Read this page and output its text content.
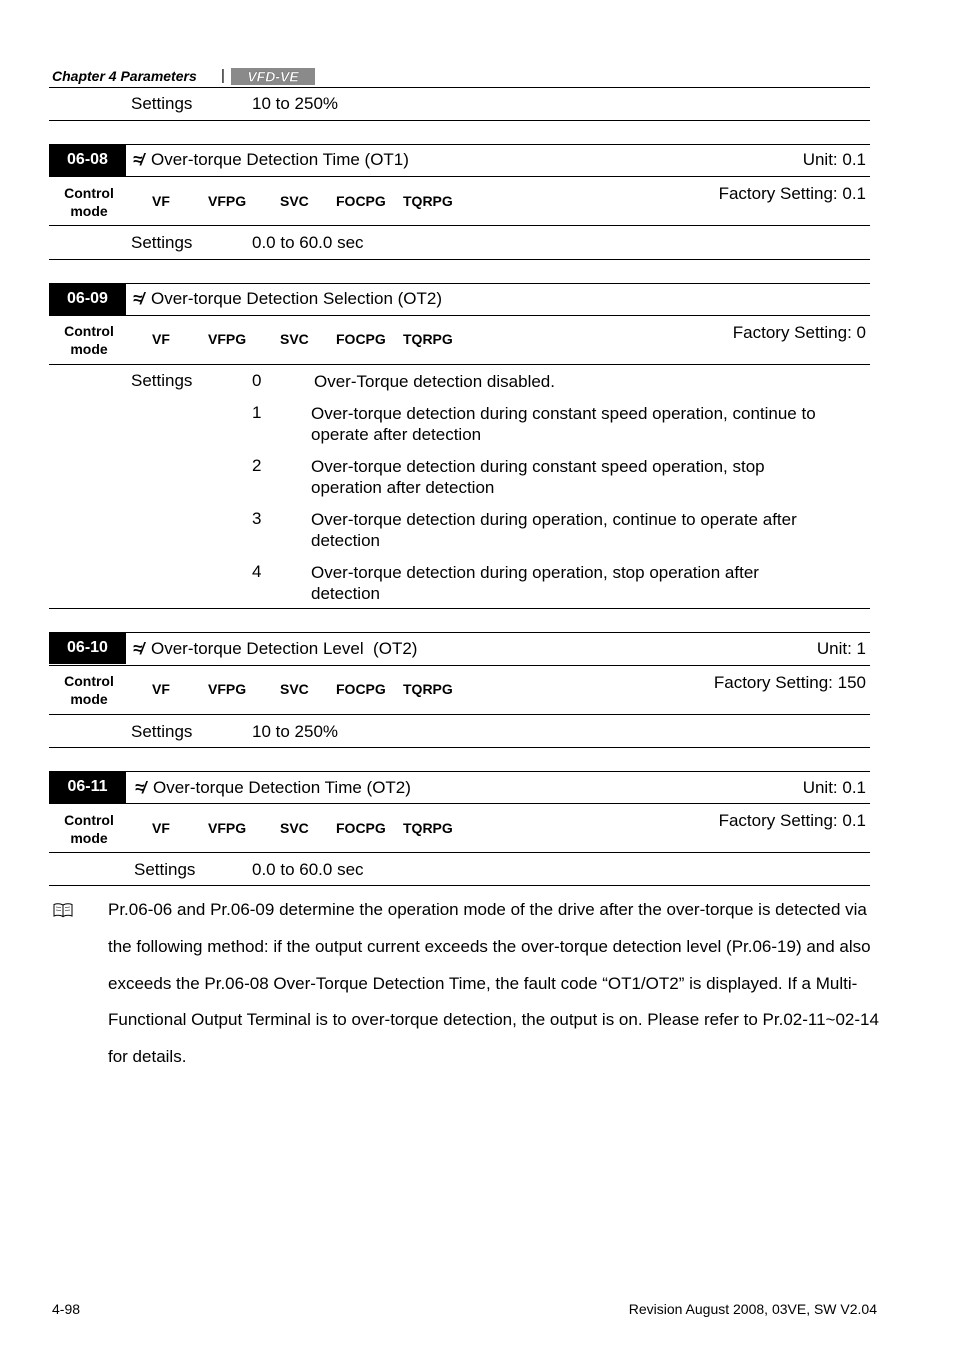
Chapter 4 Parameters | VFD-VE
Settings	10 to 250%
06-08	≉ Over-torque Detection Time (OT1)	Unit: 0.1
Control mode
VF	VFPG SVC FOCPG TQRPG	Factory Setting: 0.1
Settings	0.0 to 60.0 sec
06-09	≉ Over-torque Detection Selection (OT2)
Control mode
VF	VFPG SVC FOCPG TQRPG	Factory Setting: 0
Settings	0	Over-Torque detection disabled.
1	Over-torque detection during constant speed operation, continue to operate after detection
2	Over-torque detection during constant speed operation, stop operation after detection
3	Over-torque detection during operation, continue to operate after detection
4	Over-torque detection during operation, stop operation after detection
06-10	≉ Over-torque Detection Level  (OT2)	Unit: 1
Control mode
VF	VFPG SVC FOCPG TQRPG	Factory Setting: 150
Settings	10 to 250%
06-11	≉ Over-torque Detection Time (OT2)	Unit: 0.1
Control mode
VF	VFPG SVC FOCPG TQRPG	Factory Setting: 0.1
Settings	0.0 to 60.0 sec
Pr.06-06 and Pr.06-09 determine the operation mode of the drive after the over-torque is detected via the following method: if the output current exceeds the over-torque detection level (Pr.06-19) and also exceeds the Pr.06-08 Over-Torque Detection Time, the fault code “OT1/OT2” is displayed. If a Multi-Functional Output Terminal is to over-torque detection, the output is on. Please refer to Pr.02-11~02-14 for details.
4-98	Revision August 2008, 03VE, SW V2.04
